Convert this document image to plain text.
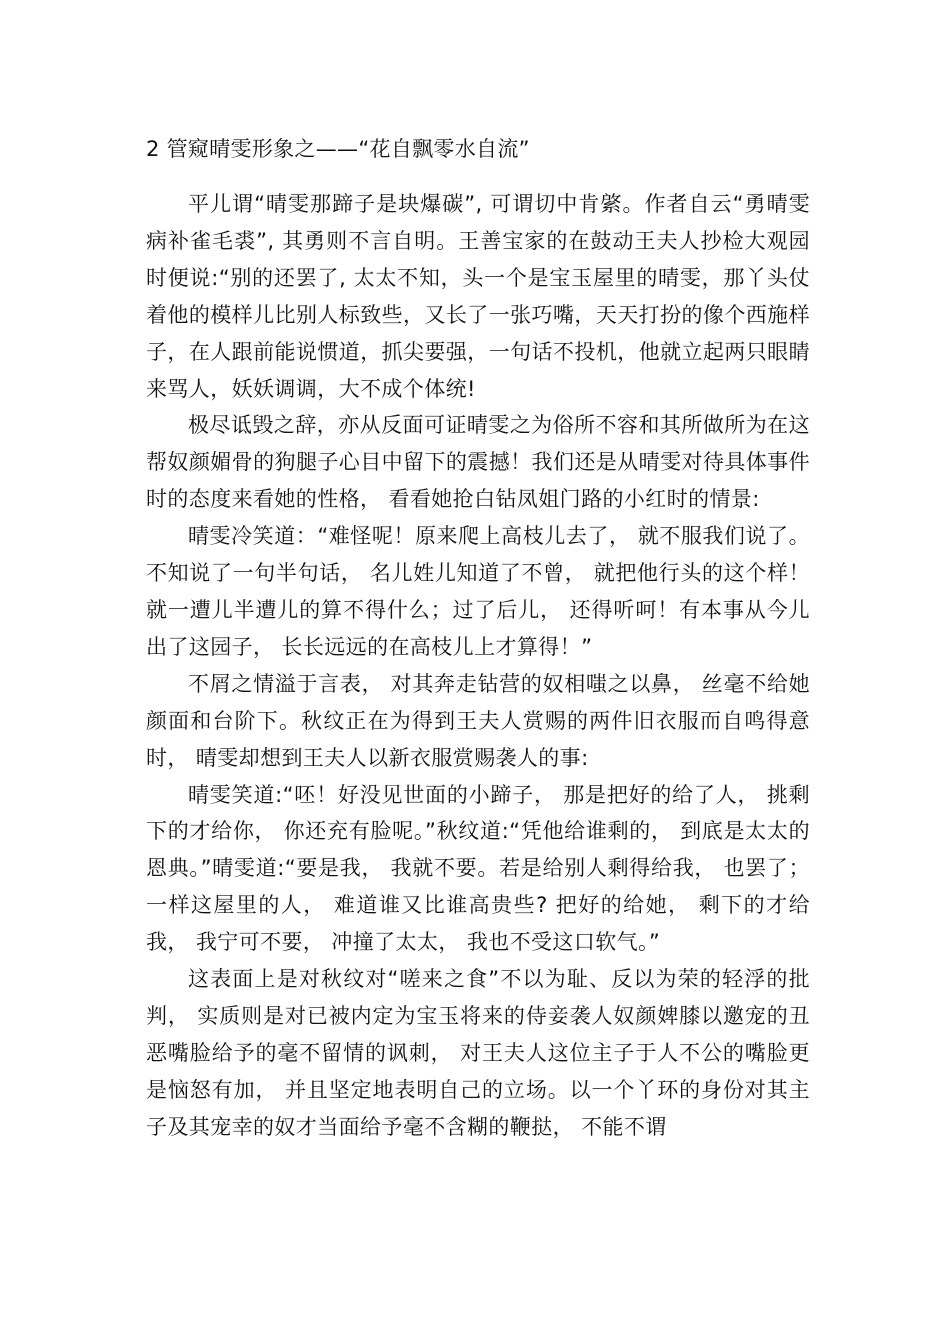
2 管窥晴雯形象之——“花自飘零水自流”

平儿谓“晴雯那蹄子是块爆碳”, 可谓切中肯綮。作者自云“勇晴雯病补雀毛裘”, 其勇则不言自明。王善宝家的在鼓动王夫人抄检大观园时便说:“别的还罢了, 太太不知，头一个是宝玉屋里的晴雯，那丫头仗着他的模样儿比别人标致些，又长了一张巧嘴，天天打扮的像个西施样子，在人跟前能说惯道，抓尖要强，一句话不投机，他就立起两只眼睛来骂人，妖妖调调，大不成个体统!

极尽诋毁之辞，亦从反面可证晴雯之为俗所不容和其所做所为在这帮奴颜媚骨的狗腿子心目中留下的震撼！我们还是从晴雯对待具体事件时的态度来看她的性格， 看看她抢白钻凤姐门路的小红时的情景:

晴雯冷笑道：“难怪呢！原来爬上高枝儿去了， 就不服我们说了。不知说了一句半句话， 名儿姓儿知道了不曾， 就把他行头的这个样！就一遭儿半遭儿的算不得什么；过了后儿， 还得听呵！有本事从今儿出了这园子， 长长远远的在高枝儿上才算得！”

不屑之情溢于言表， 对其奔走钻营的奴相嗤之以鼻， 丝毫不给她颜面和台阶下。秋纹正在为得到王夫人赏赐的两件旧衣服而自鸣得意时， 晴雯却想到王夫人以新衣服赏赐袭人的事:

晴雯笑道:“呸！好没见世面的小蹄子， 那是把好的给了人， 挑剩下的才给你， 你还充有脸呢。”秋纹道:“凭他给谁剩的， 到底是太太的恩典。”晴雯道:“要是我， 我就不要。若是给别人剩得给我， 也罢了；一样这屋里的人， 难道谁又比谁高贵些? 把好的给她， 剩下的才给我， 我宁可不要， 冲撞了太太， 我也不受这口软气。”

这表面上是对秋纹对“嗟来之食”不以为耻、反以为荣的轻浮的批判， 实质则是对已被内定为宝玉将来的侍妾袭人奴颜婢膝以邀宠的丑恶嘴脸给予的毫不留情的讽刺， 对王夫人这位主子于人不公的嘴脸更是恼怒有加， 并且坚定地表明自己的立场。以一个丫环的身份对其主子及其宠幸的奴才当面给予毫不含糊的鞭挞， 不能不谓
